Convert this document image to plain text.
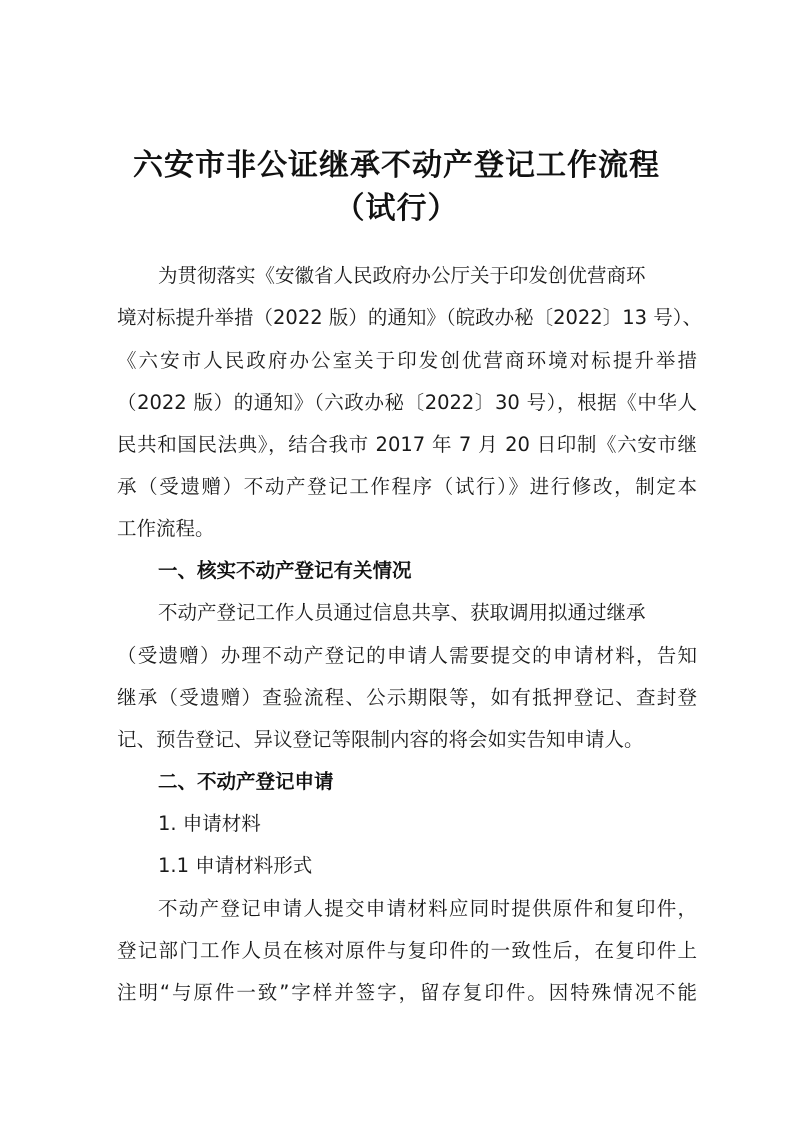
六安市非公证继承不动产登记工作流程
（试行）
为贯彻落实《安徽省人民政府办公厅关于印发创优营商环
境对标提升举措（2022 版）的通知》（皖政办秘〔2022〕13 号）、
《六安市人民政府办公室关于印发创优营商环境对标提升举措
（2022 版）的通知》（六政办秘〔2022〕30 号），根据《中华人
民共和国民法典》，结合我市 2017 年 7 月 20 日印制《六安市继
承（受遗赠）不动产登记工作程序（试行）》进行修改，制定本
工作流程。
一、核实不动产登记有关情况
不动产登记工作人员通过信息共享、获取调用拟通过继承
（受遗赠）办理不动产登记的申请人需要提交的申请材料，告知
继承（受遗赠）查验流程、公示期限等，如有抵押登记、查封登
记、预告登记、异议登记等限制内容的将会如实告知申请人。
二、不动产登记申请
1. 申请材料
1.1 申请材料形式
不动产登记申请人提交申请材料应同时提供原件和复印件，
登记部门工作人员在核对原件与复印件的一致性后，在复印件上
注明“与原件一致”字样并签字，留存复印件。因特殊情况不能
